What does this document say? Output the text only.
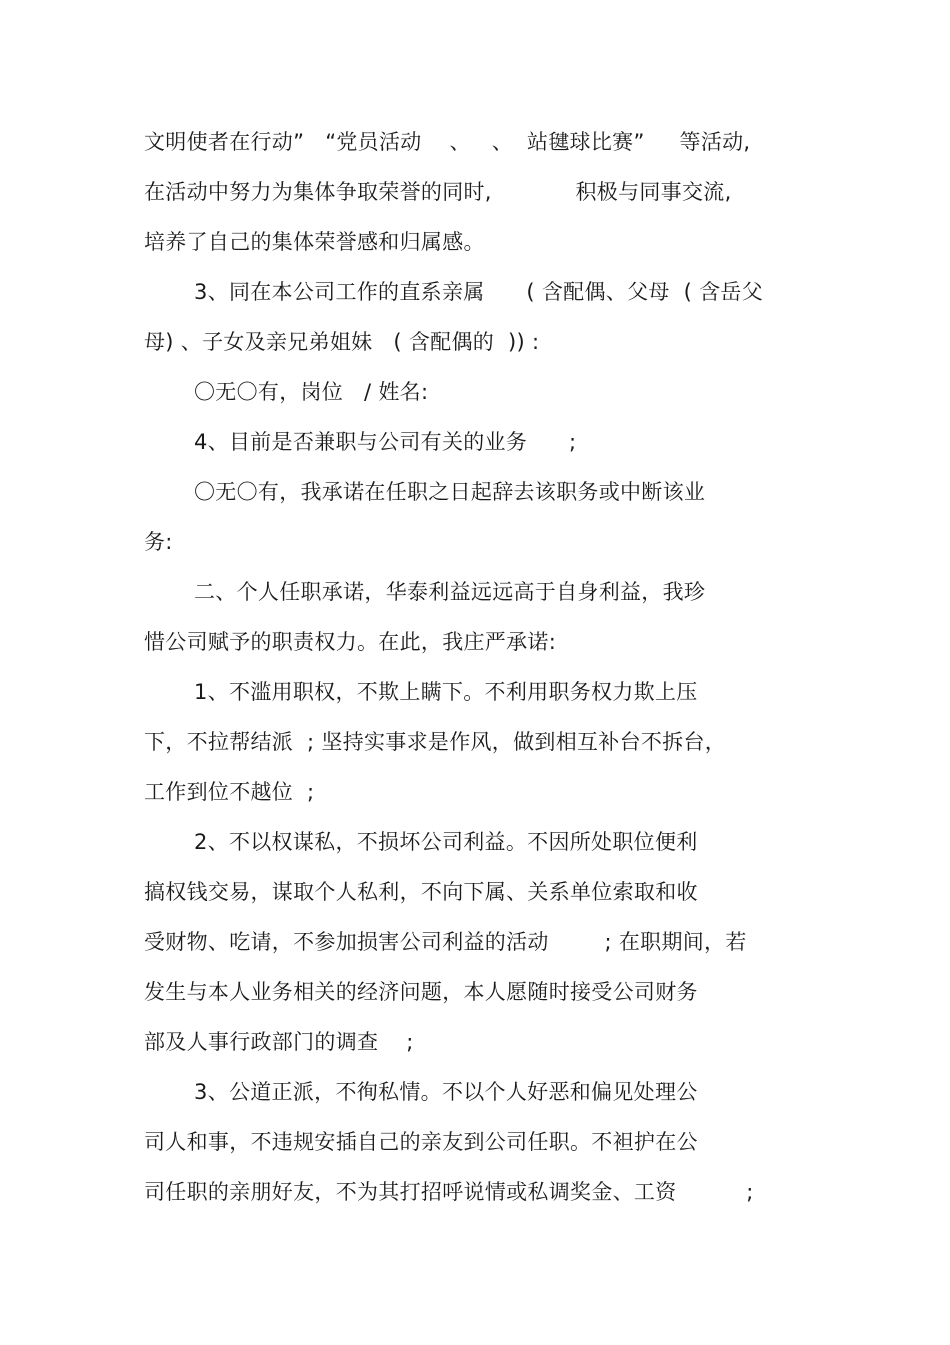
文明使者在行动”   “党员活动    、   、  站毽球比赛”     等活动,
在活动中努力为集体争取荣誉的同时,            积极与同事交流,
培养了自己的集体荣誉感和归属感。
3、同在本公司工作的直系亲属      ( 含配偶、父母  ( 含岳父
母) 、子女及亲兄弟姐妹   ( 含配偶的  )) :
〇无〇有，岗位   / 姓名:
4、目前是否兼职与公司有关的业务      ;
〇无〇有，我承诺在任职之日起辞去该职务或中断该业
务:
二、个人任职承诺，华泰利益远远高于自身利益，我珍
惜公司赋予的职责权力。在此，我庄严承诺:
1、不滥用职权，不欺上瞒下。不利用职务权力欺上压
下，不拉帮结派  ; 坚持实事求是作风，做到相互补台不拆台，
工作到位不越位  ;
2、不以权谋私，不损坏公司利益。不因所处职位便利
搞权钱交易，谋取个人私利，不向下属、关系单位索取和收
受财物、吃请，不参加损害公司利益的活动        ; 在职期间，若
发生与本人业务相关的经济问题，本人愿随时接受公司财务
部及人事行政部门的调查    ;
3、公道正派，不徇私情。不以个人好恶和偏见处理公
司人和事，不违规安插自己的亲友到公司任职。不袒护在公
司任职的亲朋好友，不为其打招呼说情或私调奖金、工资          ;
